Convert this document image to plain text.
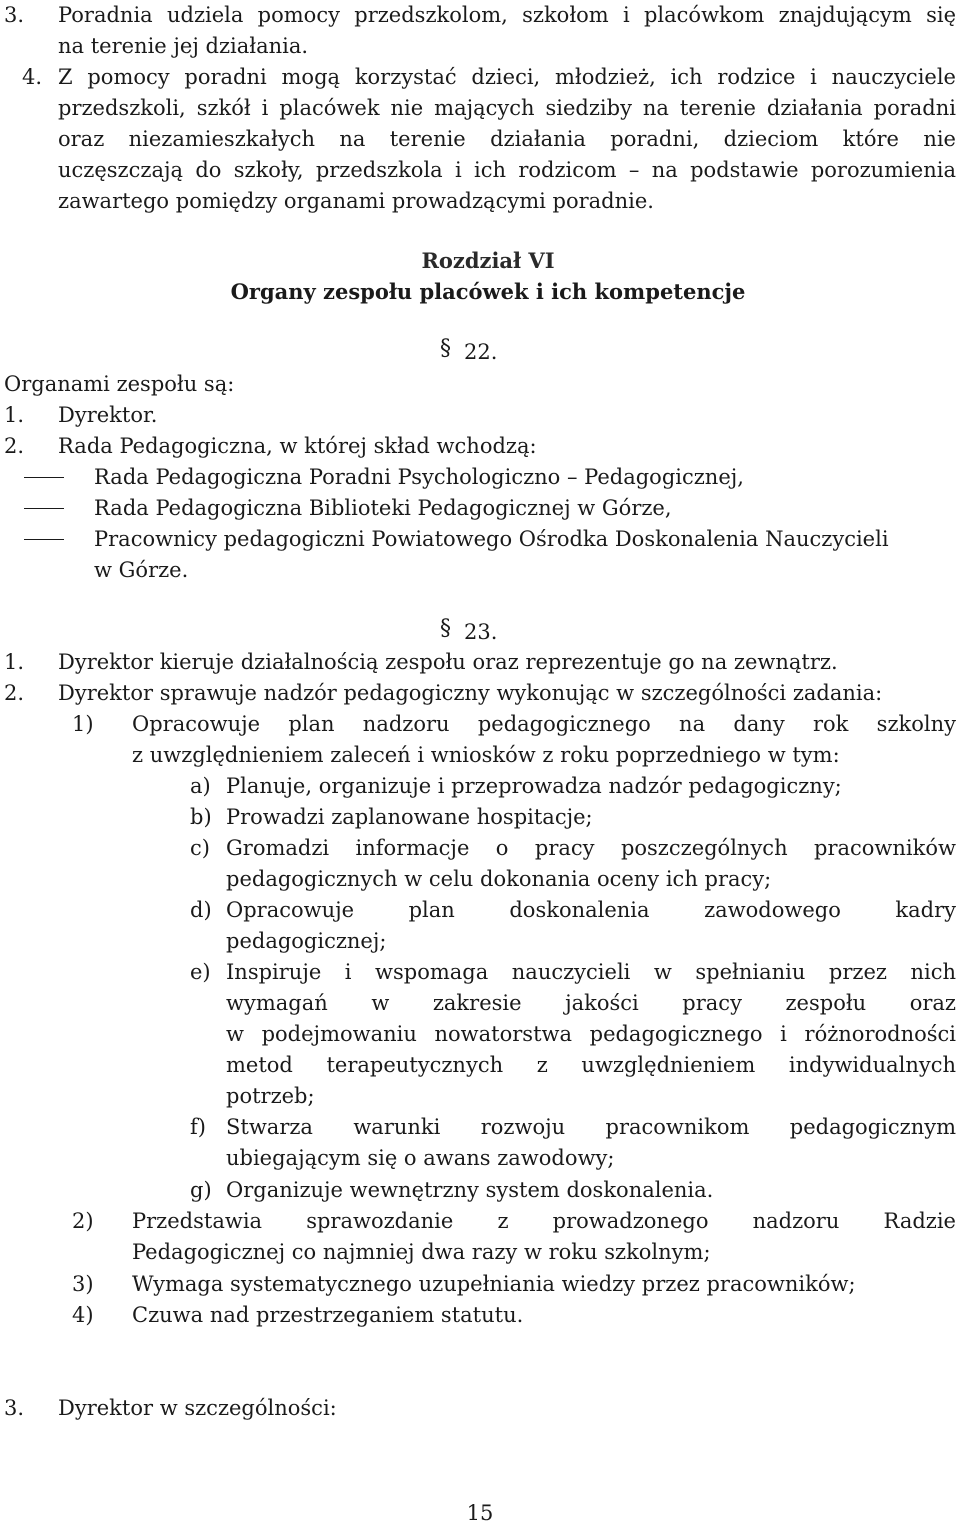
3. Poradnia udziela pomocy przedszkolom, szkołom i placówkom znajdującym się
na terenie jej działania.
4. Z pomocy poradni mogą korzystać dzieci, młodzież, ich rodzice i nauczyciele
przedszkoli, szkół i placówek nie mających siedziby na terenie działania poradni
oraz niezamieszkałych na terenie działania poradni, dzieciom które nie
uczęszczają do szkoły, przedszkola i ich rodzicom – na podstawie porozumienia
zawartego pomiędzy organami prowadzącymi poradnie.
Rozdział VI
Organy zespołu placówek i ich kompetencje
§ 22.
Organami zespołu są:
1. Dyrektor.
2. Rada Pedagogiczna, w której skład wchodzą:
Rada Pedagogiczna Poradni Psychologiczno – Pedagogicznej,
Rada Pedagogiczna Biblioteki Pedagogicznej w Górze,
Pracownicy pedagogiczni Powiatowego Ośrodka Doskonalenia Nauczycieli
w Górze.
§ 23.
1. Dyrektor kieruje działalnością zespołu oraz reprezentuje go na zewnątrz.
2. Dyrektor sprawuje nadzór pedagogiczny wykonując w szczególności zadania:
1) Opracowuje plan nadzoru pedagogicznego na dany rok szkolny
z uwzględnieniem zaleceń i wniosków z roku poprzedniego w tym:
a) Planuje, organizuje i przeprowadza nadzór pedagogiczny;
b) Prowadzi zaplanowane hospitacje;
c) Gromadzi informacje o pracy poszczególnych pracowników
pedagogicznych w celu dokonania oceny ich pracy;
d) Opracowuje plan doskonalenia zawodowego kadry
pedagogicznej;
e) Inspiruje i wspomaga nauczycieli w spełnianiu przez nich
wymagań w zakresie jakości pracy zespołu oraz
w podejmowaniu nowatorstwa pedagogicznego i różnorodności
metod terapeutycznych z uwzględnieniem indywidualnych
potrzeb;
f) Stwarza warunki rozwoju pracownikom pedagogicznym
ubiegającym się o awans zawodowy;
g) Organizuje wewnętrzny system doskonalenia.
2) Przedstawia sprawozdanie z prowadzonego nadzoru Radzie
Pedagogicznej co najmniej dwa razy w roku szkolnym;
3) Wymaga systematycznego uzupełniania wiedzy przez pracowników;
4) Czuwa nad przestrzeganiem statutu.
3. Dyrektor w szczególności:
15
